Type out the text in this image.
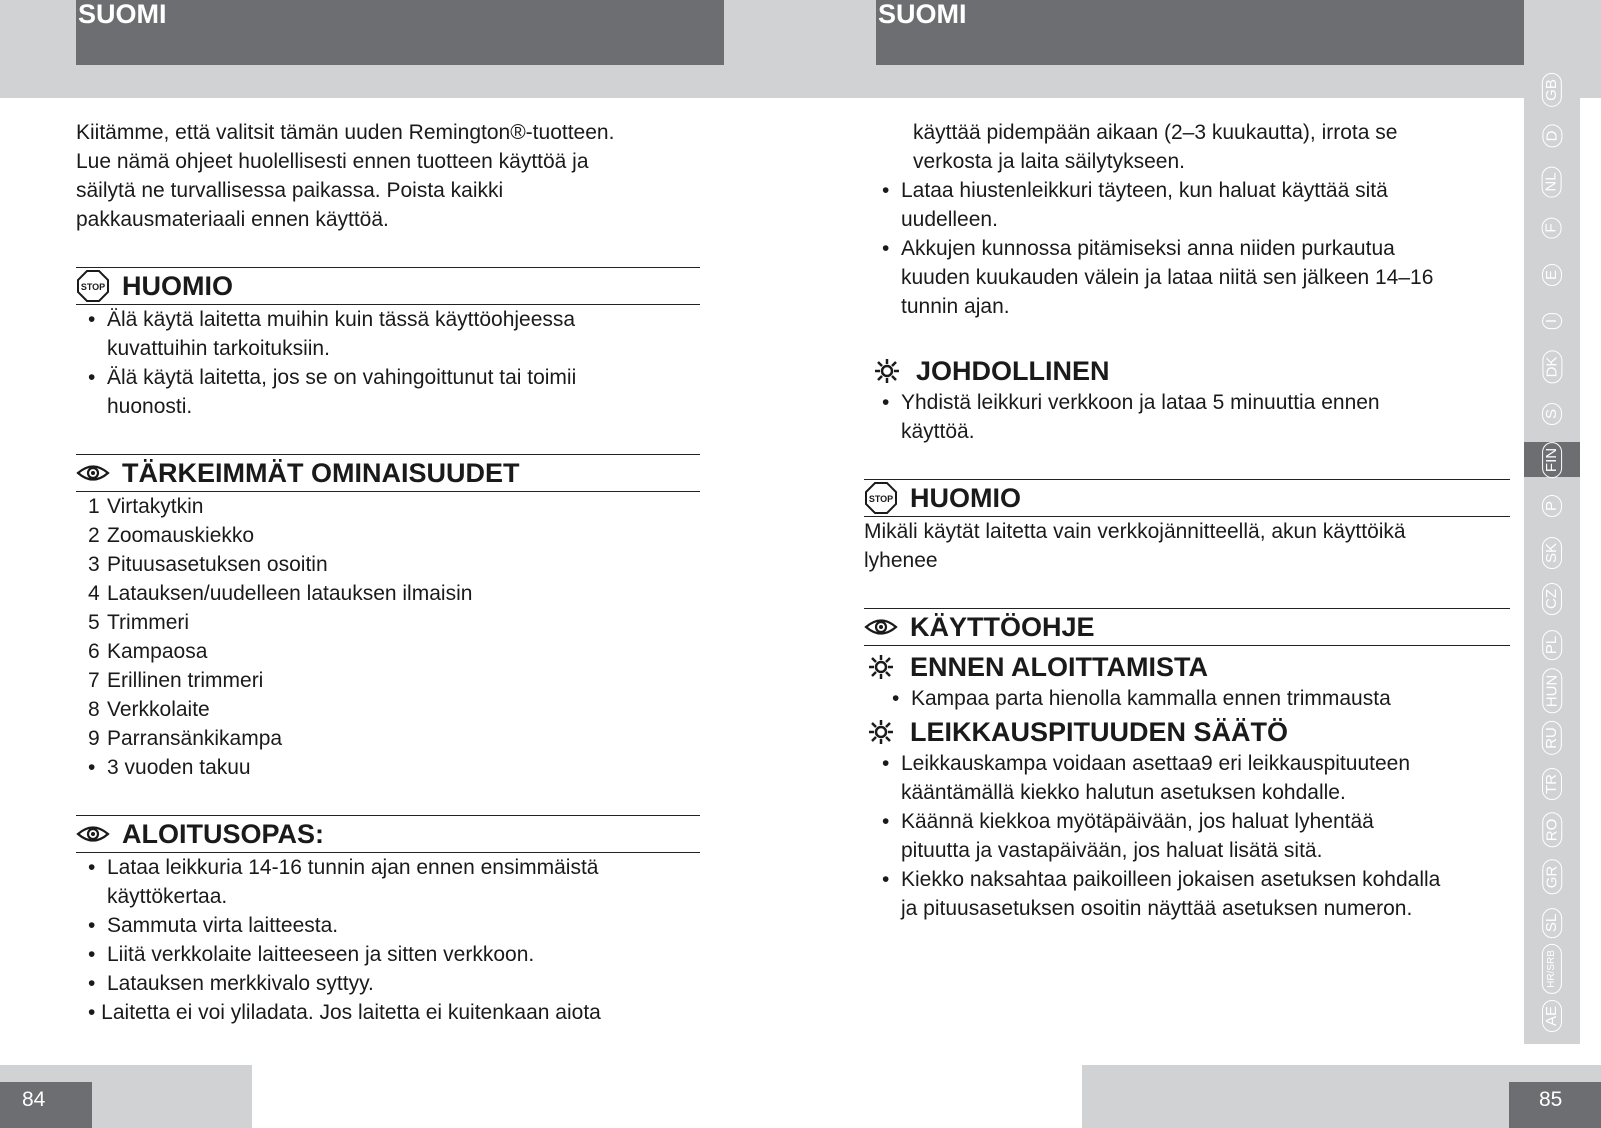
SUOMI	SUOMI

Kiitämme, että valitsit tämän uuden Remington®-tuotteen.
Lue nämä ohjeet huolellisesti ennen tuotteen käyttöä ja
säilytä ne turvallisessa paikassa. Poista kaikki
pakkausmateriaali ennen käyttöä.

STOP HUOMIO
• Älä käytä laitetta muihin kuin tässä käyttöohjeessa
kuvattuihin tarkoituksiin.
• Älä käytä laitetta, jos se on vahingoittunut tai toimii
huonosti.
TÄRKEIMMÄT OMINAISUUDET
1 Virtakytkin
2 Zoomauskiekko
3 Pituusasetuksen osoitin
4 Latauksen/uudelleen latauksen ilmaisin
5 Trimmeri
6 Kampaosa
7 Erillinen trimmeri
8 Verkkolaite
9 Parransänkikampa
• 3 vuoden takuu
ALOITUSOPAS:
• Lataa leikkuria 14-16 tunnin ajan ennen ensimmäistä
käyttökertaa.
• Sammuta virta laitteesta.
• Liitä verkkolaite laitteeseen ja sitten verkkoon.
• Latauksen merkkivalo syttyy.
• Laitetta ei voi yliladata. Jos laitetta ei kuitenkaan aiota
käyttää pidempään aikaan (2–3 kuukautta), irrota se
verkosta ja laita säilytykseen.
• Lataa hiustenleikkuri täyteen, kun haluat käyttää sitä
uudelleen.
• Akkujen kunnossa pitämiseksi anna niiden purkautua
kuuden kuukauden välein ja lataa niitä sen jälkeen 14–16
tunnin ajan.
JOHDOLLINEN
• Yhdistä leikkuri verkkoon ja lataa 5 minuuttia ennen
käyttöä.
STOP HUOMIO

Mikäli käytät laitetta vain verkkojännitteellä, akun käyttöikä
lyhenee

KÄYTTÖOHJE
ENNEN ALOITTAMISTA
• Kampaa parta hienolla kammalla ennen trimmausta
LEIKKAUSPITUUDEN SÄÄTÖ
• Leikkauskampa voidaan asettaa9 eri leikkauspituuteen
kääntämällä kiekko halutun asetuksen kohdalle.
• Käännä kiekkoa myötäpäivään, jos haluat lyhentää
pituutta ja vastapäivään, jos haluat lisätä sitä.
• Kiekko naksahtaa paikoilleen jokaisen asetuksen kohdalla
ja pituusasetuksen osoitin näyttää asetuksen numeron.
GB
D
NL
F
E
I
DK
S
FIN
P
SK
CZ
PL
HUN
RU
TR
RO
GR
SL
HR/SRB
AE
84	85
